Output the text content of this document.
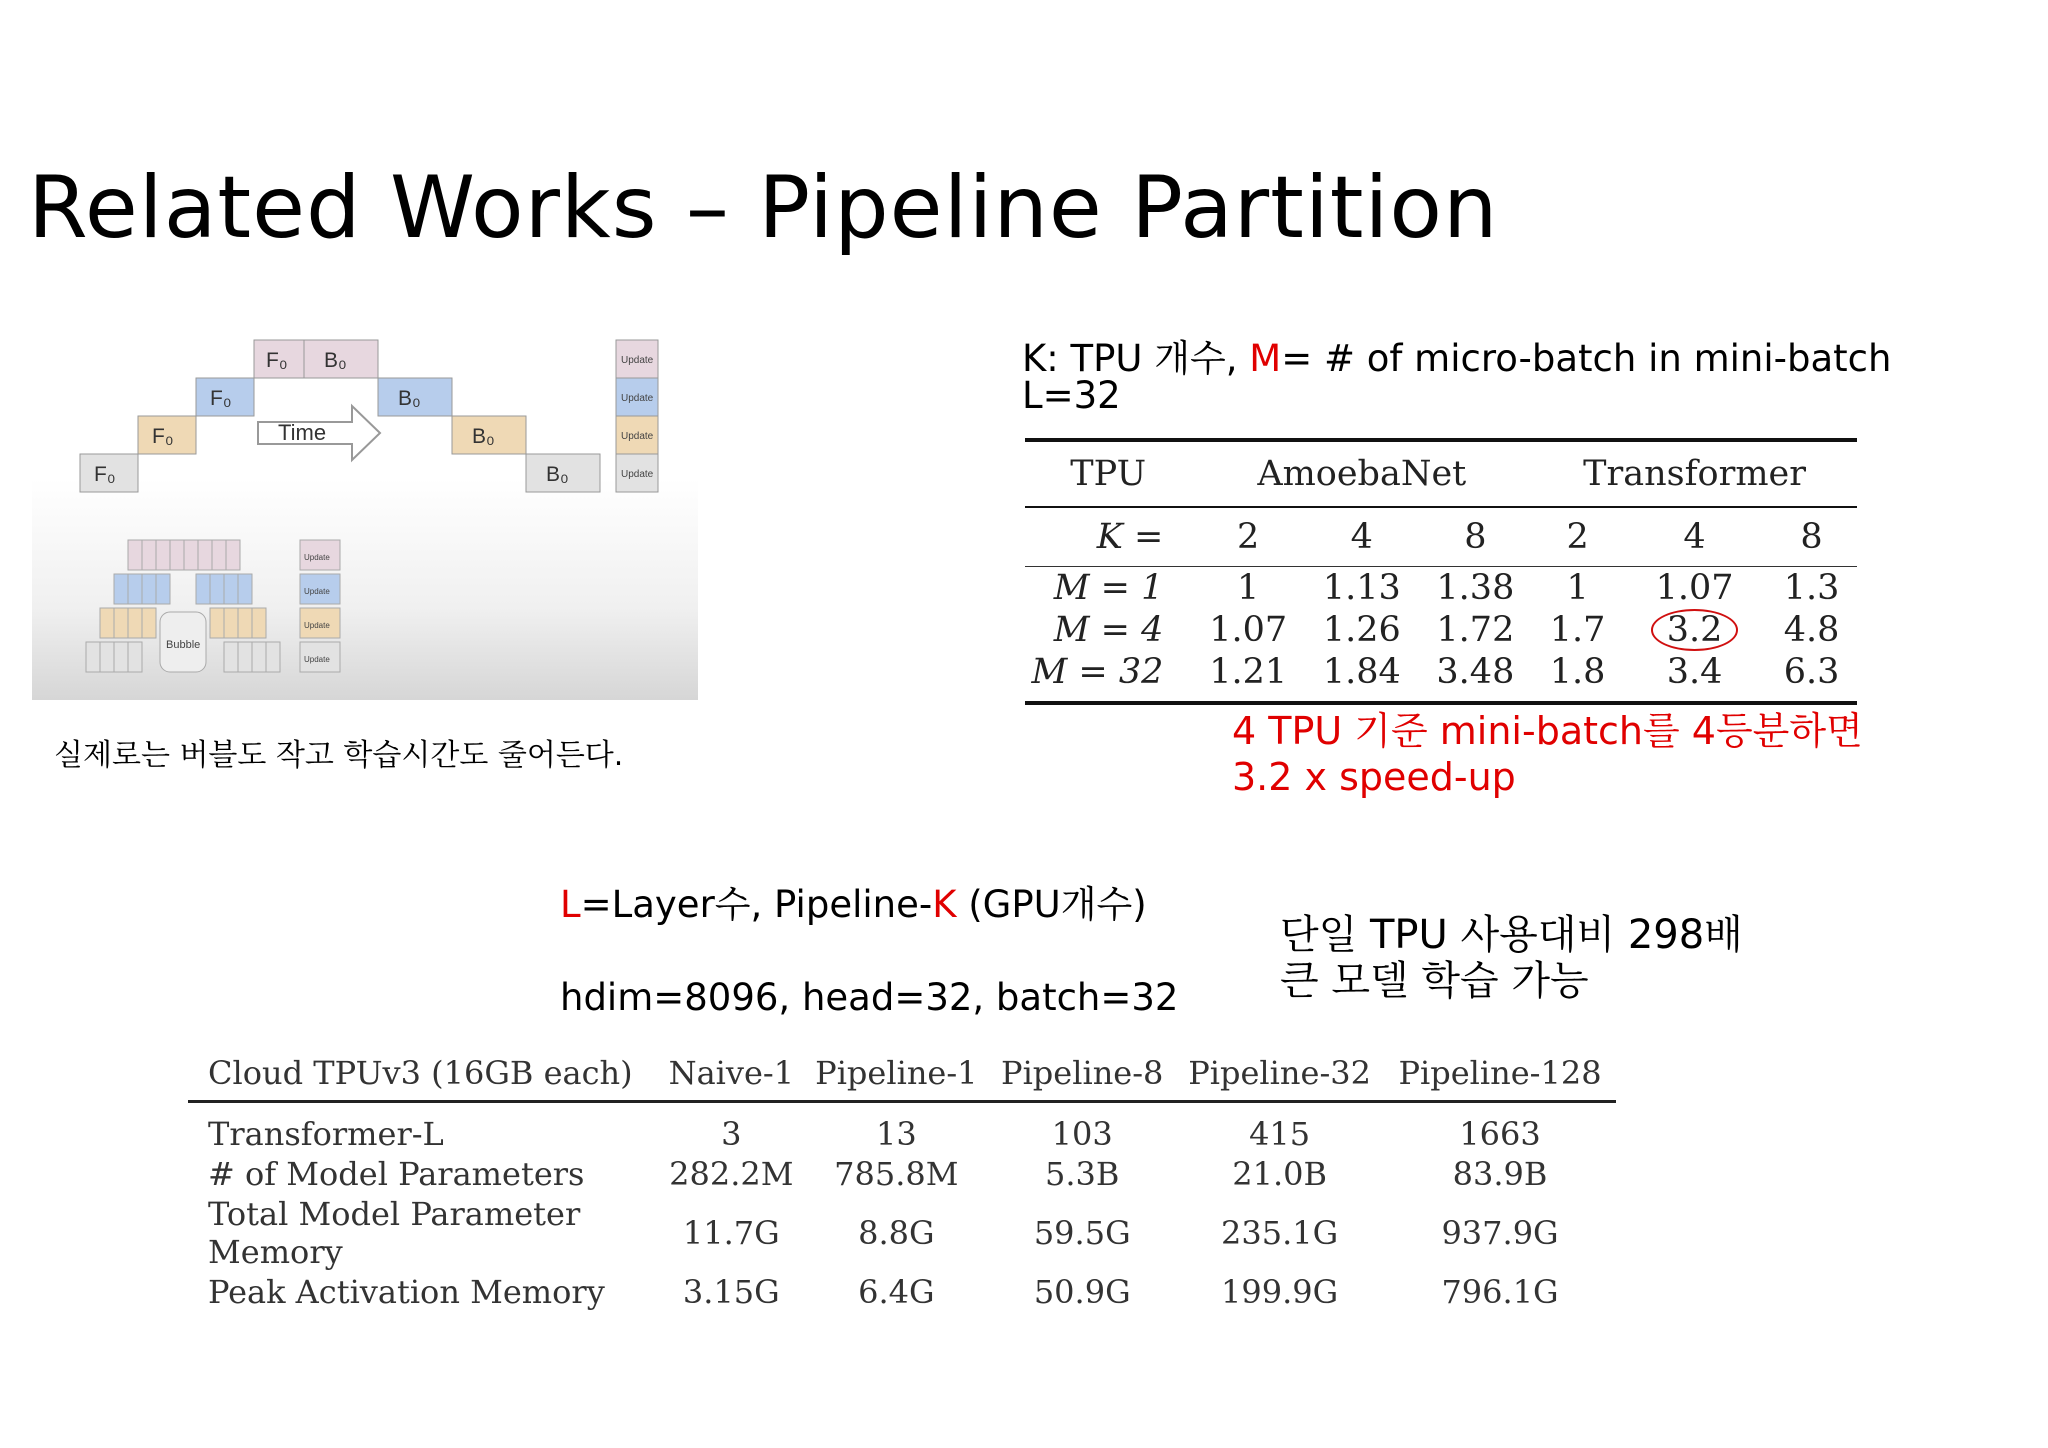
Related Works – Pipeline Partition
F₀
F₀
F₀
F₀ B₀
B₀
B₀
B₀
Update
Update
Update
Update
Time
Bubble
Update
Update
Update
Update
실제로는 버블도 작고 학습시간도 줄어든다.
K: TPU 개수, M= # of micro-batch in mini-batch
L=32
TPU	AmoebaNet			Transformer		
K =	2	4	8	2	4	8
M = 1	1	1.13	1.38	1	1.07	1.3
M = 4	1.07	1.26	1.72	1.7	3.2	4.8
M = 32	1.21	1.84	3.48	1.8	3.4	6.3
4 TPU 기준 mini-batch를 4등분하면
3.2 x speed-up
L=Layer수, Pipeline-K (GPU개수)
hdim=8096, head=32, batch=32
단일 TPU 사용대비 298배
큰 모델 학습 가능
Cloud TPUv3 (16GB each)	Naive-1	Pipeline-1	Pipeline-8	Pipeline-32	Pipeline-128
Transformer-L	3	13	103	415	1663
# of Model Parameters	282.2M	785.8M	5.3B	21.0B	83.9B
Total Model Parameter Memory	11.7G	8.8G	59.5G	235.1G	937.9G
Peak Activation Memory	3.15G	6.4G	50.9G	199.9G	796.1G
